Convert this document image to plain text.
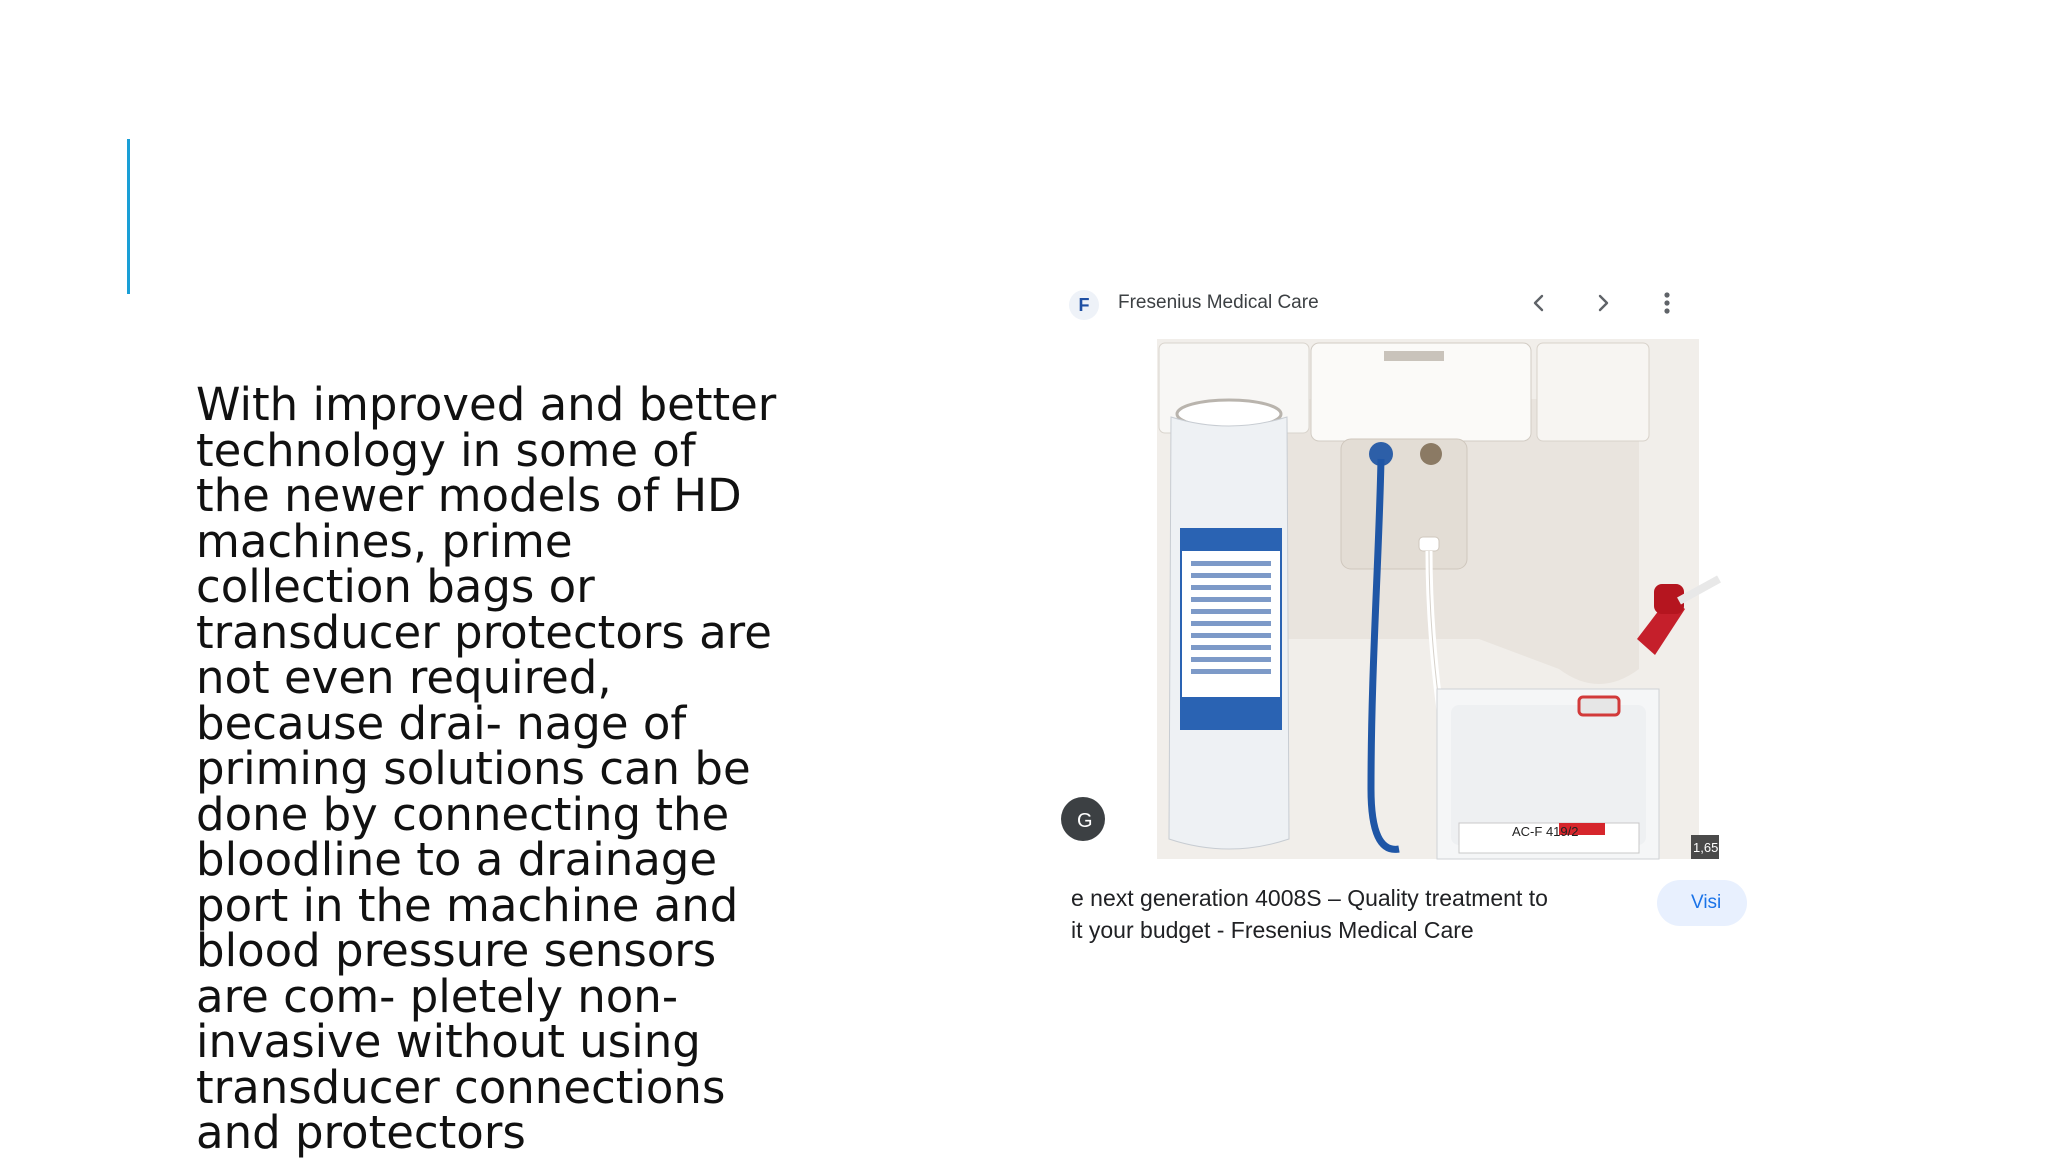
With improved and better
technology in some of
the newer models of HD
machines, prime
collection bags or
transducer protectors are
not even required,
because drai- nage of
priming solutions can be
done by connecting the
bloodline to a drainage
port in the machine and
blood pressure sensors
are com- pletely non-
invasive without using
transducer connections
and protectors

F	Fresenius Medical Care
AC-F 419/2
G
1,65
e next generation 4008S – Quality treatment to
it your budget - Fresenius Medical Care
Visi
